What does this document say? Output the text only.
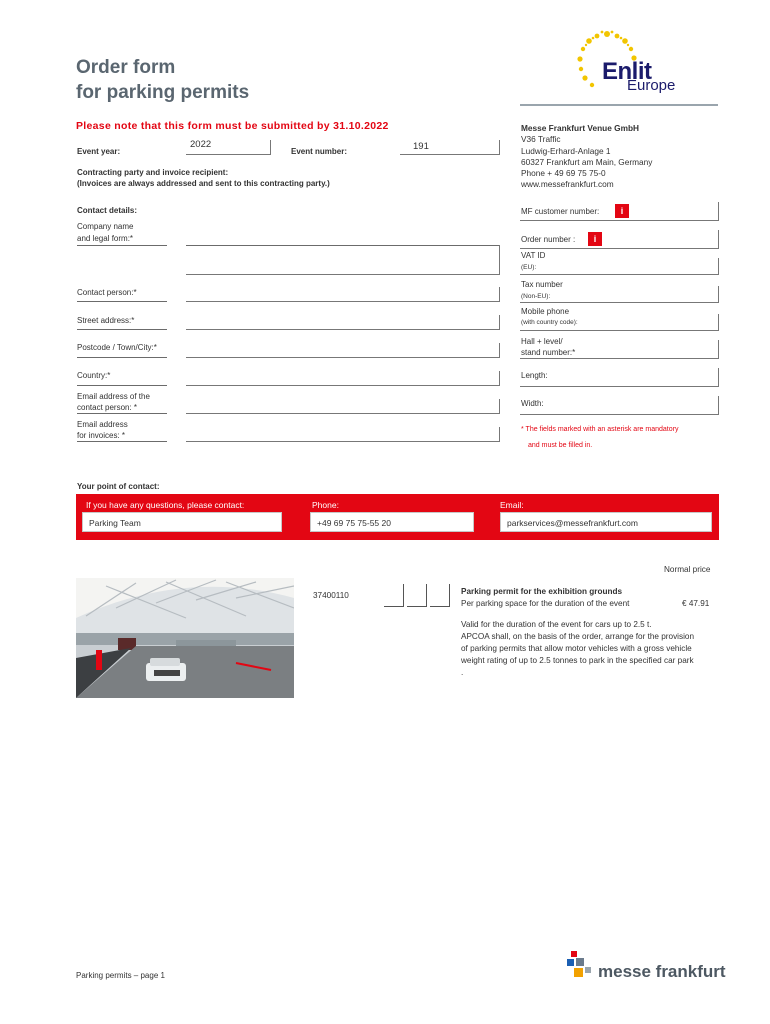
Order form
for parking permits
Enlit
Europe
Please note that this form must be submitted by 31.10.2022
Event year:
2022
Event number:	191
Contracting party and invoice recipient:
(Invoices are always addressed and sent to this contracting party.)
Messe Frankfurt Venue GmbH
V36 Traffic
Ludwig-Erhard-Anlage 1
60327 Frankfurt am Main, Germany
Phone + 49 69 75 75-0
www.messefrankfurt.com
Contact details:
Company name
and legal form:*
Contact person:*
Street address:*
Postcode / Town/City:*
Country:*
Email address of the
contact person: *
Email address
for invoices: *
MF customer number:	i
Order number :	i
VAT ID
(EU):
Tax number
(Non-EU):
Mobile phone
(with country code):
Hall + level/
stand number:*
Length:
Width:
* The fields marked with an asterisk are mandatory
and must be filled in.
Your point of contact:
If you have any questions, please contact:
Parking Team
Phone:
+49 69 75 75-55 20
Email:
parkservices@messefrankfurt.com
Normal price
37400110	Parking permit for the exhibition grounds
Per parking space for the duration of the event	€ 47.91
Valid for the duration of the event for cars up to 2.5 t.
APCOA shall, on the basis of the order, arrange for the provision
of parking permits that allow motor vehicles with a gross vehicle
weight rating of up to 2.5 tonnes to park in the specified car park
.
Parking permits – page 1	messe frankfurt
